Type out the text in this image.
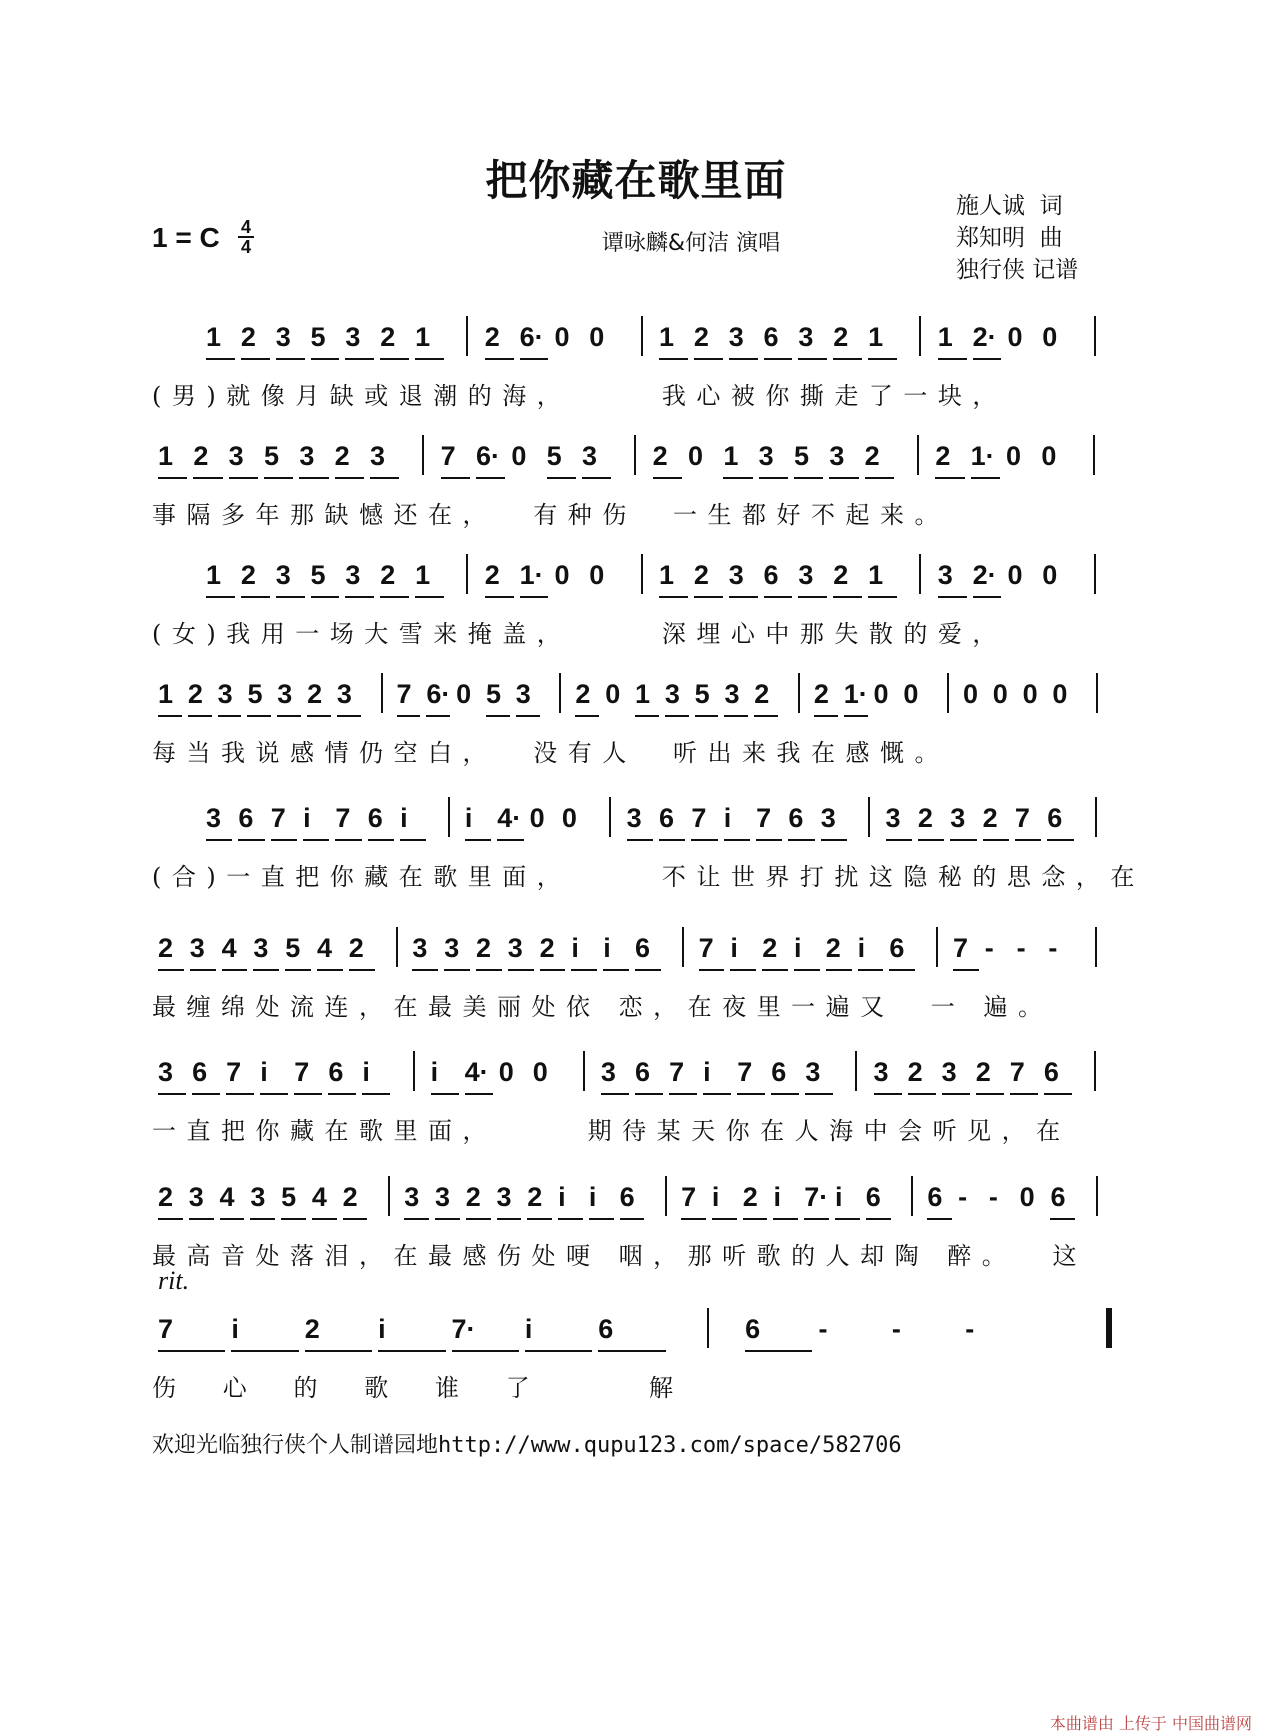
把你藏在歌里面
施人诚  词
郑知明  曲
独行侠 记谱
1 = C 4
4	谭咏麟&何洁 演唱
1 2 3 5 3 2 1 2 6· 0 0 1 2 3 6 3 2 1 1 2· 0 0
(男)就像月缺或退潮的海，     我心被你撕走了一块，
1 2 3 5 3 2 3 7 6· 0 5 3 2 0 1 3 5 3 2 2 1· 0 0
事隔多年那缺憾还在，  有种伤  一生都好不起来。
1 2 3 5 3 2 1 2 1· 0 0 1 2 3 6 3 2 1 3 2· 0 0
(女)我用一场大雪来掩盖，     深埋心中那失散的爱，
1 2 3 5 3 2 3 7 6· 0 5 3 2 0 1 3 5 3 2 2 1· 0 0 0 0 0 0
每当我说感情仍空白，  没有人  听出来我在感慨。
3 6 7 i 7 6 i i 4· 0 0 3 6 7 i 7 6 3 3 2 3 2 7 6
(合)一直把你藏在歌里面，     不让世界打扰这隐秘的思念，在
2 3 4 3 5 4 2 3 3 2 3 2 i i 6 7 i 2 i 2 i 6 7 - - -
最缠绵处流连，在最美丽处依 恋，在夜里一遍又  一 遍。
3 6 7 i 7 6 i i 4· 0 0 3 6 7 i 7 6 3 3 2 3 2 7 6
一直把你藏在歌里面，     期待某天你在人海中会听见，在
2 3 4 3 5 4 2 3 3 2 3 2 i i 6 7 i 2 i 7· i 6 6 - - 0 6
最高音处落泪，在最感伤处哽 咽，那听歌的人却陶 醉。  这
7 i 2 i 7· i 6	6 - - -
伤  心  的  歌  谁  了      解
rit.
欢迎光临独行侠个人制谱园地http://www.qupu123.com/space/582706
本曲谱由 上传于 中国曲谱网
